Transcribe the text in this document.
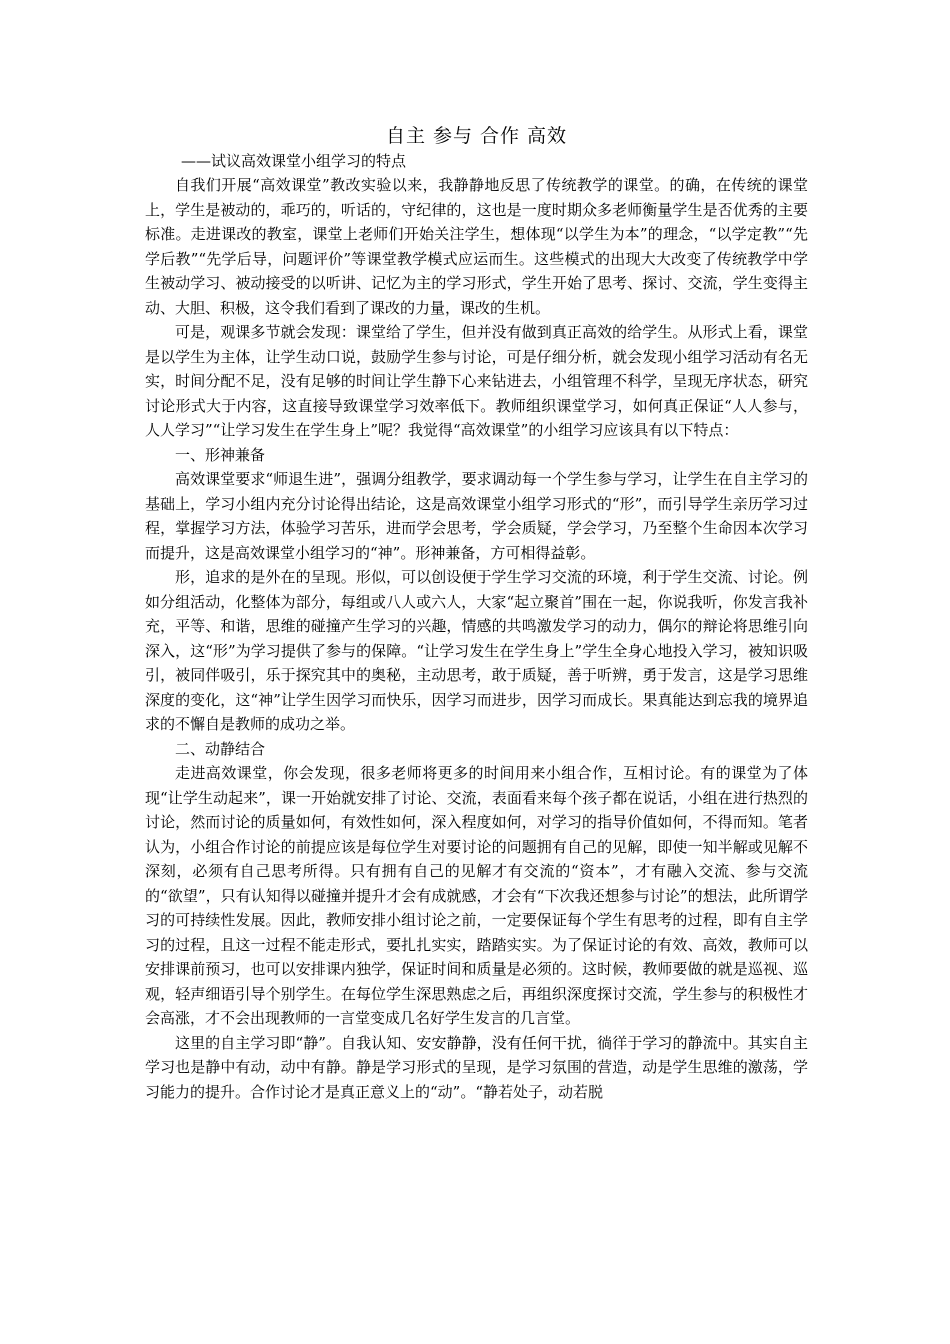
自主 参与 合作 高效

——试议高效课堂小组学习的特点

自我们开展“高效课堂”教改实验以来，我静静地反思了传统教学的课堂。的确，在传统的课堂上，学生是被动的，乖巧的，听话的，守纪律的，这也是一度时期众多老师衡量学生是否优秀的主要标准。走进课改的教室，课堂上老师们开始关注学生，想体现“以学生为本”的理念，“以学定教”“先学后教”“先学后导，问题评价”等课堂教学模式应运而生。这些模式的出现大大改变了传统教学中学生被动学习、被动接受的以听讲、记忆为主的学习形式，学生开始了思考、探讨、交流，学生变得主动、大胆、积极，这令我们看到了课改的力量，课改的生机。

可是，观课多节就会发现：课堂给了学生，但并没有做到真正高效的给学生。从形式上看，课堂是以学生为主体，让学生动口说，鼓励学生参与讨论，可是仔细分析，就会发现小组学习活动有名无实，时间分配不足，没有足够的时间让学生静下心来钻进去，小组管理不科学，呈现无序状态，研究讨论形式大于内容，这直接导致课堂学习效率低下。教师组织课堂学习，如何真正保证“人人参与，人人学习”“让学习发生在学生身上”呢？我觉得“高效课堂”的小组学习应该具有以下特点：

一、形神兼备

高效课堂要求“师退生进”，强调分组教学，要求调动每一个学生参与学习，让学生在自主学习的基础上，学习小组内充分讨论得出结论，这是高效课堂小组学习形式的“形”，而引导学生亲历学习过程，掌握学习方法，体验学习苦乐，进而学会思考，学会质疑，学会学习，乃至整个生命因本次学习而提升，这是高效课堂小组学习的“神”。形神兼备，方可相得益彰。

形，追求的是外在的呈现。形似，可以创设便于学生学习交流的环境，利于学生交流、讨论。例如分组活动，化整体为部分，每组或八人或六人，大家“起立聚首”围在一起，你说我听，你发言我补充，平等、和谐，思维的碰撞产生学习的兴趣，情感的共鸣激发学习的动力，偶尔的辩论将思维引向深入，这“形”为学习提供了参与的保障。“让学习发生在学生身上”学生全身心地投入学习，被知识吸引，被同伴吸引，乐于探究其中的奥秘，主动思考，敢于质疑，善于听辨，勇于发言，这是学习思维深度的变化，这“神”让学生因学习而快乐，因学习而进步，因学习而成长。果真能达到忘我的境界追求的不懈自是教师的成功之举。

二、动静结合

走进高效课堂，你会发现，很多老师将更多的时间用来小组合作，互相讨论。有的课堂为了体现“让学生动起来”，课一开始就安排了讨论、交流，表面看来每个孩子都在说话，小组在进行热烈的讨论，然而讨论的质量如何，有效性如何，深入程度如何，对学习的指导价值如何，不得而知。笔者认为，小组合作讨论的前提应该是每位学生对要讨论的问题拥有自己的见解，即使一知半解或见解不深刻，必须有自己思考所得。只有拥有自己的见解才有交流的“资本”，才有融入交流、参与交流的“欲望”，只有认知得以碰撞并提升才会有成就感，才会有“下次我还想参与讨论”的想法，此所谓学习的可持续性发展。因此，教师安排小组讨论之前，一定要保证每个学生有思考的过程，即有自主学习的过程，且这一过程不能走形式，要扎扎实实，踏踏实实。为了保证讨论的有效、高效，教师可以安排课前预习，也可以安排课内独学，保证时间和质量是必须的。这时候，教师要做的就是巡视、巡观，轻声细语引导个别学生。在每位学生深思熟虑之后，再组织深度探讨交流，学生参与的积极性才会高涨，才不会出现教师的一言堂变成几名好学生发言的几言堂。

这里的自主学习即“静”。自我认知、安安静静，没有任何干扰，徜徉于学习的静流中。其实自主学习也是静中有动，动中有静。静是学习形式的呈现，是学习氛围的营造，动是学生思维的激荡，学习能力的提升。合作讨论才是真正意义上的“动”。“静若处子，动若脱
